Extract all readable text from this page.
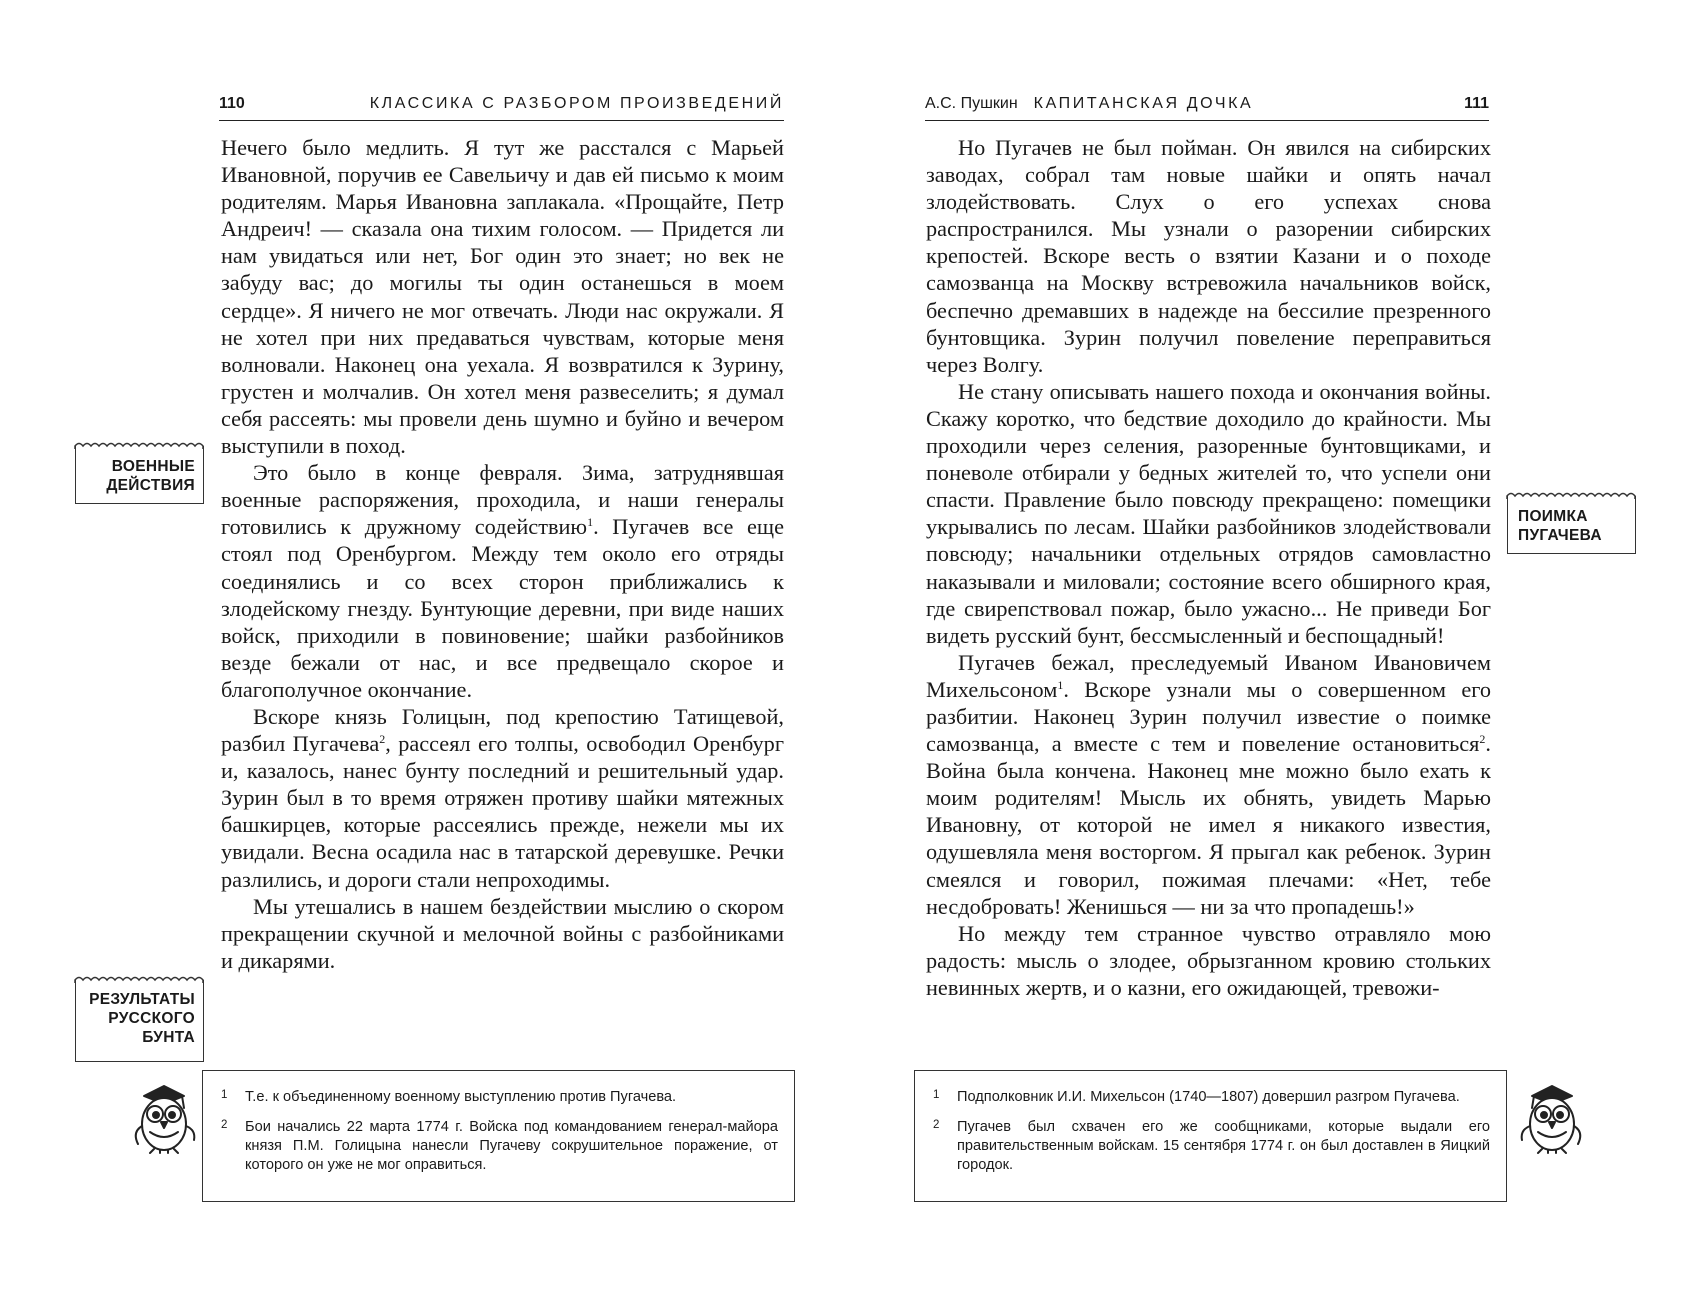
110	КЛАССИКА С РАЗБОРОМ ПРОИЗВЕДЕНИЙ

Нечего было медлить. Я тут же расстался с Марьей Ивановной, поручив ее Савельичу и дав ей письмо к моим родителям. Марья Ивановна заплакала. «Прощайте, Петр Андреич! — сказала она тихим голосом. — Придется ли нам увидаться или нет, Бог один это знает; но век не забуду вас; до могилы ты один останешься в моем сердце». Я ничего не мог отвечать. Люди нас окружали. Я не хотел при них предаваться чувствам, которые меня волновали. Наконец она уехала. Я возвратился к Зурину, грустен и молчалив. Он хотел меня развеселить; я думал себя рассеять: мы провели день шумно и буйно и вечером выступили в поход.

Это было в конце февраля. Зима, затруднявшая военные распоряжения, проходила, и наши генералы готовились к дружному содействию$^1$. Пугачев все еще стоял под Оренбургом. Между тем около его отряды соединялись и со всех сторон приближались к злодейскому гнезду. Бунтующие деревни, при виде наших войск, приходили в повиновение; шайки разбойников везде бежали от нас, и все предвещало скорое и благополучное окончание.

Вскоре князь Голицын, под крепостию Татищевой, разбил Пугачева$^2$, рассеял его толпы, освободил Оренбург и, казалось, нанес бунту последний и решительный удар. Зурин был в то время отряжен противу шайки мятежных башкирцев, которые рассеялись прежде, нежели мы их увидали. Весна осадила нас в татарской деревушке. Речки разлились, и дороги стали непроходимы.

Мы утешались в нашем бездействии мыслию о скором прекращении скучной и мелочной войны с разбойниками и дикарями.

ВОЕННЫЕ
ДЕЙСТВИЯ
РЕЗУЛЬТАТЫ
РУССКОГО
БУНТА
1	Т.е. к объединенному военному выступлению против Пугачева.
2	Бои начались 22 марта 1774 г. Войска под командованием генерал-майора князя П.М. Голицына нанесли Пугачеву сокрушительное поражение, от которого он уже не мог оправиться.
А.С. Пушкин КАПИТАНСКАЯ ДОЧКА	111

Но Пугачев не был пойман. Он явился на сибирских заводах, собрал там новые шайки и опять начал злодействовать. Слух о его успехах снова распространился. Мы узнали о разорении сибирских крепостей. Вскоре весть о взятии Казани и о походе самозванца на Москву встревожила начальников войск, беспечно дремавших в надежде на бессилие презренного бунтовщика. Зурин получил повеление переправиться через Волгу.

Не стану описывать нашего похода и окончания войны. Скажу коротко, что бедствие доходило до крайности. Мы проходили через селения, разоренные бунтовщиками, и поневоле отбирали у бедных жителей то, что успели они спасти. Правление было повсюду прекращено: помещики укрывались по лесам. Шайки разбойников злодействовали повсюду; начальники отдельных отрядов самовластно наказывали и миловали; состояние всего обширного края, где свирепствовал пожар, было ужасно... Не приведи Бог видеть русский бунт, бессмысленный и беспощадный!

Пугачев бежал, преследуемый Иваном Ивановичем Михельсоном$^1$. Вскоре узнали мы о совершенном его разбитии. Наконец Зурин получил известие о поимке самозванца, а вместе с тем и повеление остановиться$^2$. Война была кончена. Наконец мне можно было ехать к моим родителям! Мысль их обнять, увидеть Марью Ивановну, от которой не имел я никакого известия, одушевляла меня восторгом. Я прыгал как ребенок. Зурин смеялся и говорил, пожимая плечами: «Нет, тебе несдобровать! Женишься — ни за что пропадешь!»

Но между тем странное чувство отравляло мою радость: мысль о злодее, обрызганном кровию стольких невинных жертв, и о казни, его ожидающей, тревожи-

ПОИМКА
ПУГАЧЕВА
1	Подполковник И.И. Михельсон (1740—1807) довершил разгром Пугачева.
2	Пугачев был схвачен его же сообщниками, которые выдали его правительственным войскам. 15 сентября 1774 г. он был доставлен в Яицкий городок.
